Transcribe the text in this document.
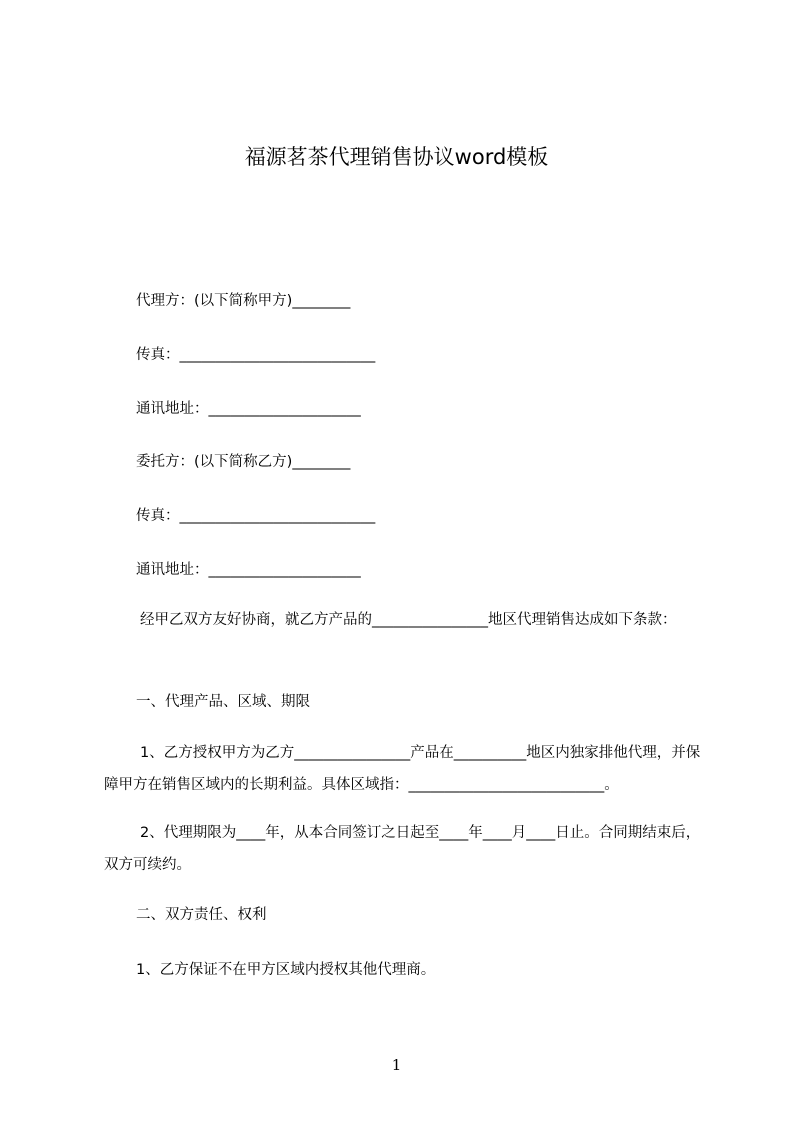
福源茗茶代理销售协议word模板
代理方：(以下简称甲方)________
传真：___________________________
通讯地址：_____________________
委托方：(以下简称乙方)________
传真：___________________________
通讯地址：_____________________
经甲乙双方友好协商，就乙方产品的________________地区代理销售达成如下条款：
一、代理产品、区域、期限
1、乙方授权甲方为乙方________________产品在__________地区内独家排他代理，并保障甲方在销售区域内的长期利益。具体区域指：___________________________。
2、代理期限为____年，从本合同签订之日起至____年____月____日止。合同期结束后，双方可续约。
二、双方责任、权利
1、乙方保证不在甲方区域内授权其他代理商。
1
